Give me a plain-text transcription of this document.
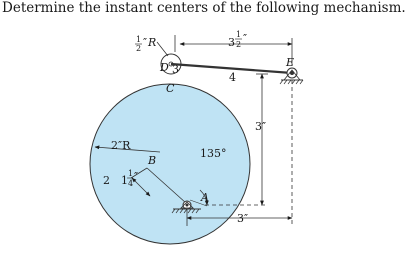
Determine the instant centers of the following mechanism.
1
2 ″ R
D 3
C
3
1
2 ″
4
E
3″
2″R
B
135°
2 1
1
4
″
A
3″
